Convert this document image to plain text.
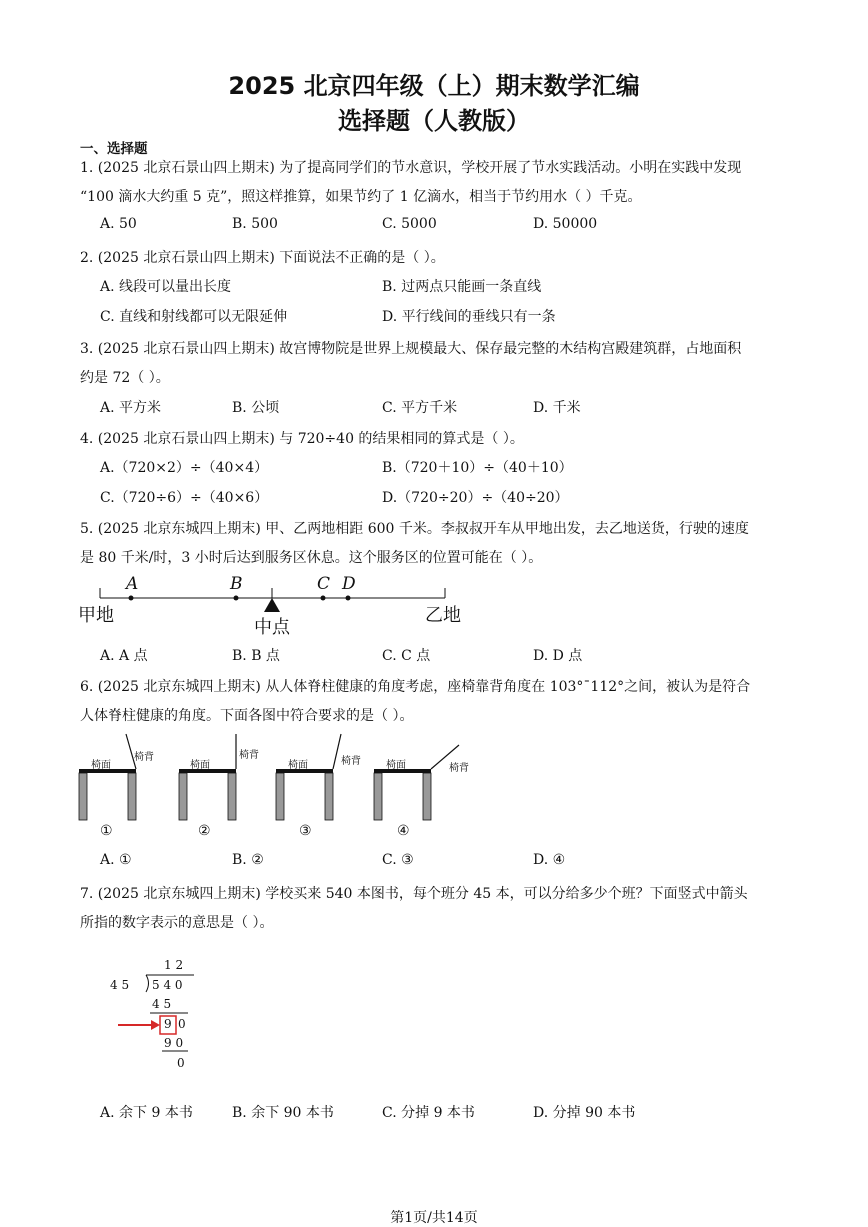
2025 北京四年级（上）期末数学汇编
选择题（人教版）
一、选择题
1. (2025 北京石景山四上期末) 为了提高同学们的节水意识，学校开展了节水实践活动。小明在实践中发现
“100 滴水大约重 5 克”，照这样推算，如果节约了 1 亿滴水，相当于节约用水（ ）千克。
A. 50	B. 500	C. 5000	D. 50000
2. (2025 北京石景山四上期末) 下面说法不正确的是（ ）。
A. 线段可以量出长度	B. 过两点只能画一条直线
C. 直线和射线都可以无限延伸	D. 平行线间的垂线只有一条
3. (2025 北京石景山四上期末) 故宫博物院是世界上规模最大、保存最完整的木结构宫殿建筑群，占地面积
约是 72（ ）。
A. 平方米	B. 公顷	C. 平方千米	D. 千米
4. (2025 北京石景山四上期末) 与 720÷40 的结果相同的算式是（ ）。
A.（720×2）÷（40×4）	B.（720＋10）÷（40＋10）
C.（720÷6）÷（40×6）	D.（720÷20）÷（40÷20）
5. (2025 北京东城四上期末) 甲、乙两地相距 600 千米。李叔叔开车从甲地出发，去乙地送货，行驶的速度
是 80 千米/时，3 小时后达到服务区休息。这个服务区的位置可能在（ ）。
A	B	C D
甲地	乙地
中点
A. A 点	B. B 点	C. C 点	D. D 点
6. (2025 北京东城四上期末) 从人体脊柱健康的角度考虑，座椅靠背角度在 103°ˉ112°之间，被认为是符合
人体脊柱健康的角度。下面各图中符合要求的是（ ）。
椅面
椅背
椅面
椅背
椅面	椅背	椅面	椅背
①	②	③	④
A. ①	B. ②	C. ③	D. ④
7. (2025 北京东城四上期末) 学校买来 540 本图书，每个班分 45 本，可以分给多少个班？下面竖式中箭头
所指的数字表示的意思是（ ）。
1 2
4 5 5 4 0
4 5
9 0
9 0
0
A. 余下 9 本书	B. 余下 90 本书	C. 分掉 9 本书	D. 分掉 90 本书
第1页/共14页
